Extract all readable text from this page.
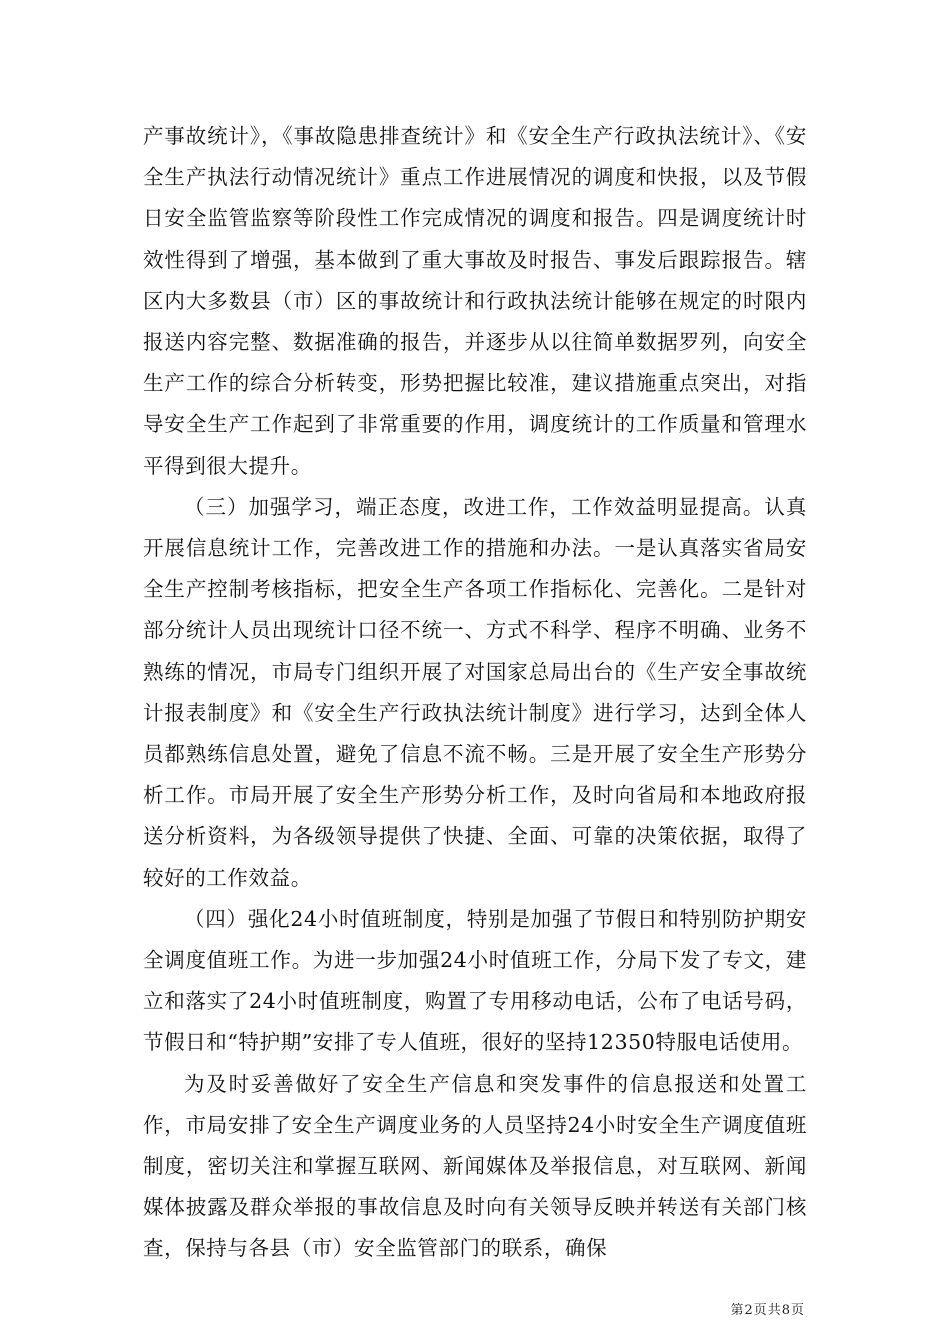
产事故统计》，《事故隐患排查统计》和《安全生产行政执法统计》、《安全生产执法行动情况统计》重点工作进展情况的调度和快报，以及节假日安全监管监察等阶段性工作完成情况的调度和报告。四是调度统计时效性得到了增强，基本做到了重大事故及时报告、事发后跟踪报告。辖区内大多数县（市）区的事故统计和行政执法统计能够在规定的时限内报送内容完整、数据准确的报告，并逐步从以往简单数据罗列，向安全生产工作的综合分析转变，形势把握比较准，建议措施重点突出，对指导安全生产工作起到了非常重要的作用，调度统计的工作质量和管理水平得到很大提升。

（三）加强学习，端正态度，改进工作，工作效益明显提高。认真开展信息统计工作，完善改进工作的措施和办法。一是认真落实省局安全生产控制考核指标，把安全生产各项工作指标化、完善化。二是针对部分统计人员出现统计口径不统一、方式不科学、程序不明确、业务不熟练的情况，市局专门组织开展了对国家总局出台的《生产安全事故统计报表制度》和《安全生产行政执法统计制度》进行学习，达到全体人员都熟练信息处置，避免了信息不流不畅。三是开展了安全生产形势分析工作。市局开展了安全生产形势分析工作，及时向省局和本地政府报送分析资料，为各级领导提供了快捷、全面、可靠的决策依据，取得了较好的工作效益。

（四）强化24小时值班制度，特别是加强了节假日和特别防护期安全调度值班工作。为进一步加强24小时值班工作，分局下发了专文，建立和落实了24小时值班制度，购置了专用移动电话，公布了电话号码，节假日和“特护期”安排了专人值班，很好的坚持12350特服电话使用。

为及时妥善做好了安全生产信息和突发事件的信息报送和处置工作，市局安排了安全生产调度业务的人员坚持24小时安全生产调度值班制度，密切关注和掌握互联网、新闻媒体及举报信息，对互联网、新闻媒体披露及群众举报的事故信息及时向有关领导反映并转送有关部门核查，保持与各县（市）安全监管部门的联系，确保

第2页共8页
